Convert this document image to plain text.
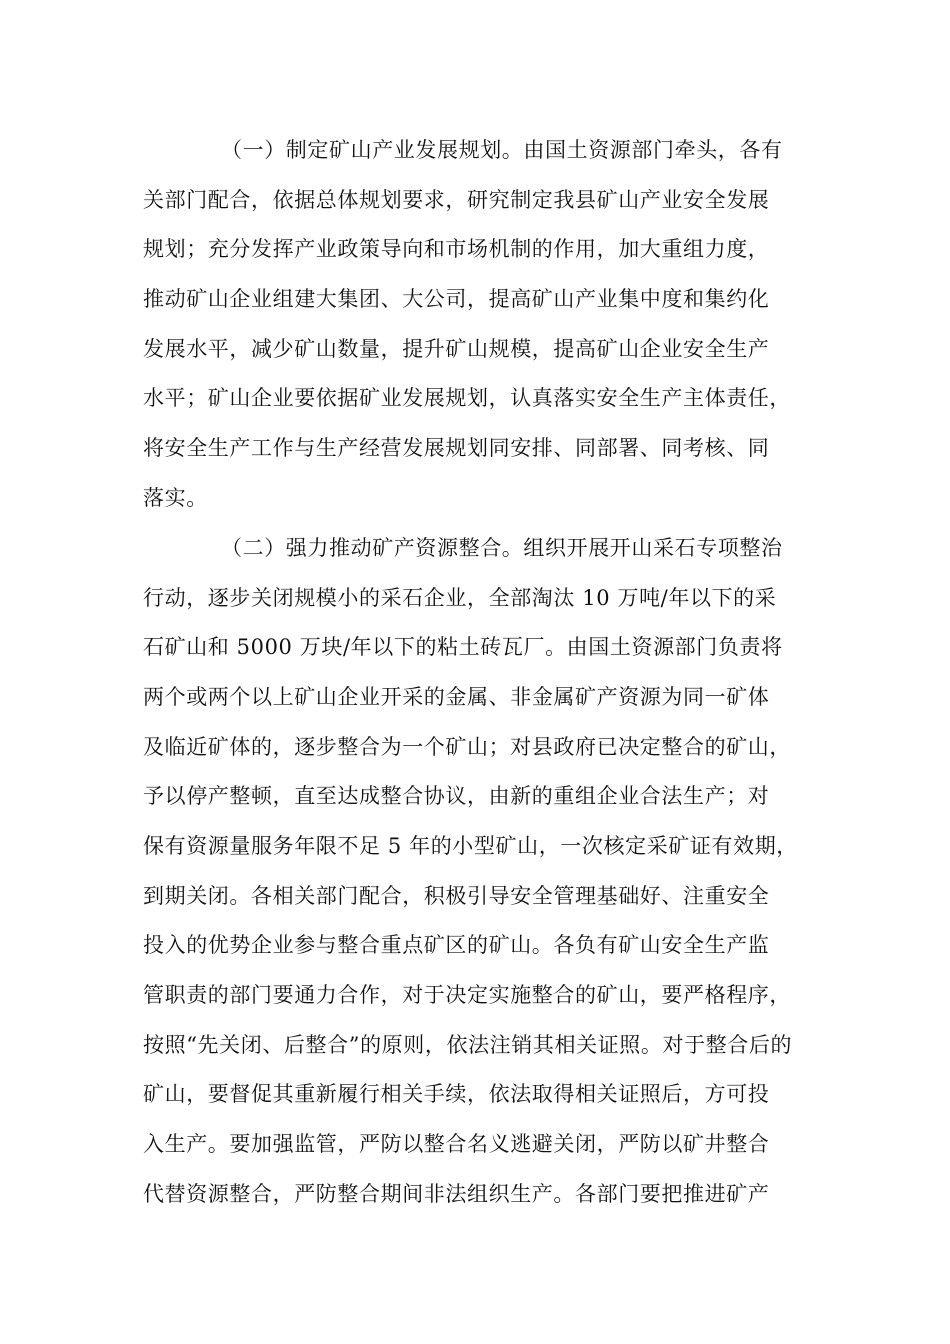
（一）制定矿山产业发展规划。由国土资源部门牵头，各有
关部门配合，依据总体规划要求，研究制定我县矿山产业安全发展
规划；充分发挥产业政策导向和市场机制的作用，加大重组力度，
推动矿山企业组建大集团、大公司，提高矿山产业集中度和集约化
发展水平，减少矿山数量，提升矿山规模，提高矿山企业安全生产
水平；矿山企业要依据矿业发展规划，认真落实安全生产主体责任，
将安全生产工作与生产经营发展规划同安排、同部署、同考核、同
落实。
（二）强力推动矿产资源整合。组织开展开山采石专项整治
行动，逐步关闭规模小的采石企业，全部淘汰 10 万吨/年以下的采
石矿山和 5000 万块/年以下的粘土砖瓦厂。由国土资源部门负责将
两个或两个以上矿山企业开采的金属、非金属矿产资源为同一矿体
及临近矿体的，逐步整合为一个矿山；对县政府已决定整合的矿山，
予以停产整顿，直至达成整合协议，由新的重组企业合法生产；对
保有资源量服务年限不足 5 年的小型矿山，一次核定采矿证有效期，
到期关闭。各相关部门配合，积极引导安全管理基础好、注重安全
投入的优势企业参与整合重点矿区的矿山。各负有矿山安全生产监
管职责的部门要通力合作，对于决定实施整合的矿山，要严格程序，
按照“先关闭、后整合”的原则，依法注销其相关证照。对于整合后的
矿山，要督促其重新履行相关手续，依法取得相关证照后，方可投
入生产。要加强监管，严防以整合名义逃避关闭，严防以矿井整合
代替资源整合，严防整合期间非法组织生产。各部门要把推进矿产
